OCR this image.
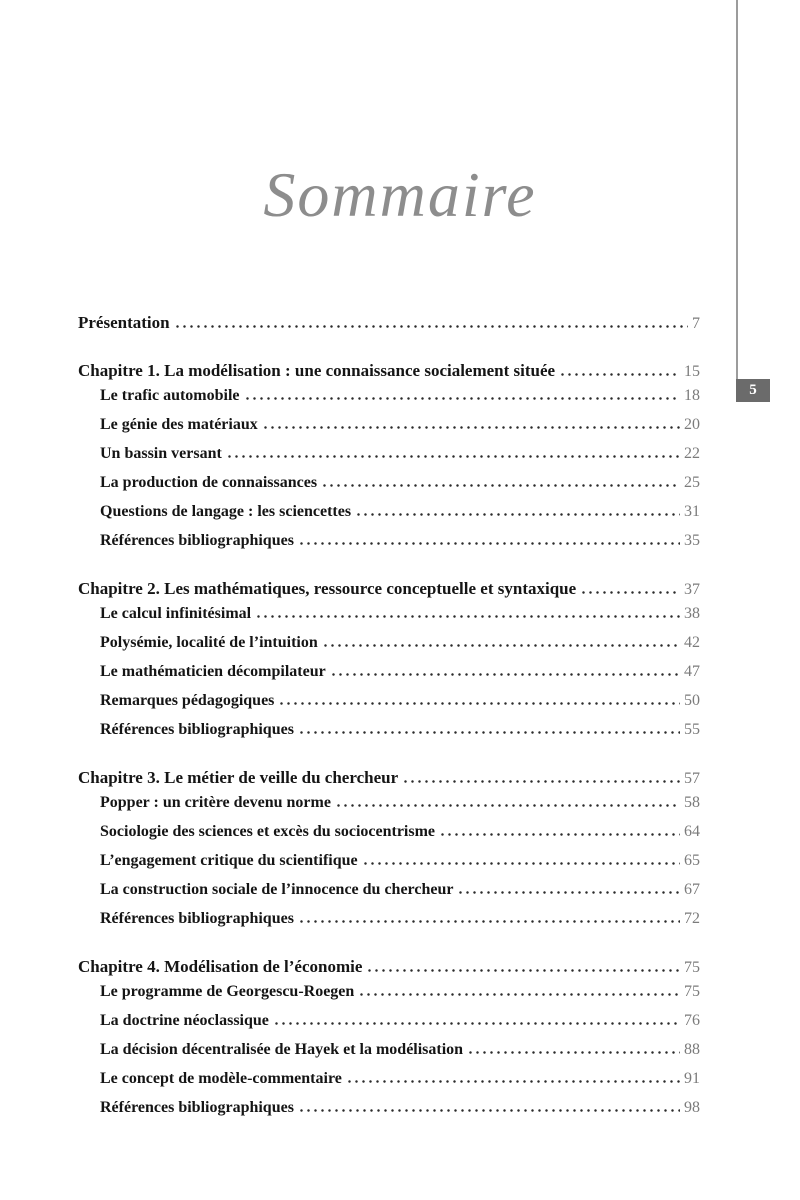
Sommaire
5
Présentation	7
Chapitre 1. La modélisation : une connaissance socialement située	15
Le trafic automobile	18
Le génie des matériaux	20
Un bassin versant	22
La production de connaissances	25
Questions de langage : les sciencettes	31
Références bibliographiques	35
Chapitre 2. Les mathématiques, ressource conceptuelle et syntaxique	37
Le calcul infinitésimal	38
Polysémie, localité de l’intuition	42
Le mathématicien décompilateur	47
Remarques pédagogiques	50
Références bibliographiques	55
Chapitre 3. Le métier de veille du chercheur	57
Popper : un critère devenu norme	58
Sociologie des sciences et excès du sociocentrisme	64
L’engagement critique du scientifique	65
La construction sociale de l’innocence du chercheur	67
Références bibliographiques	72
Chapitre 4. Modélisation de l’économie	75
Le programme de Georgescu-Roegen	75
La doctrine néoclassique	76
La décision décentralisée de Hayek et la modélisation	88
Le concept de modèle-commentaire	91
Références bibliographiques	98
